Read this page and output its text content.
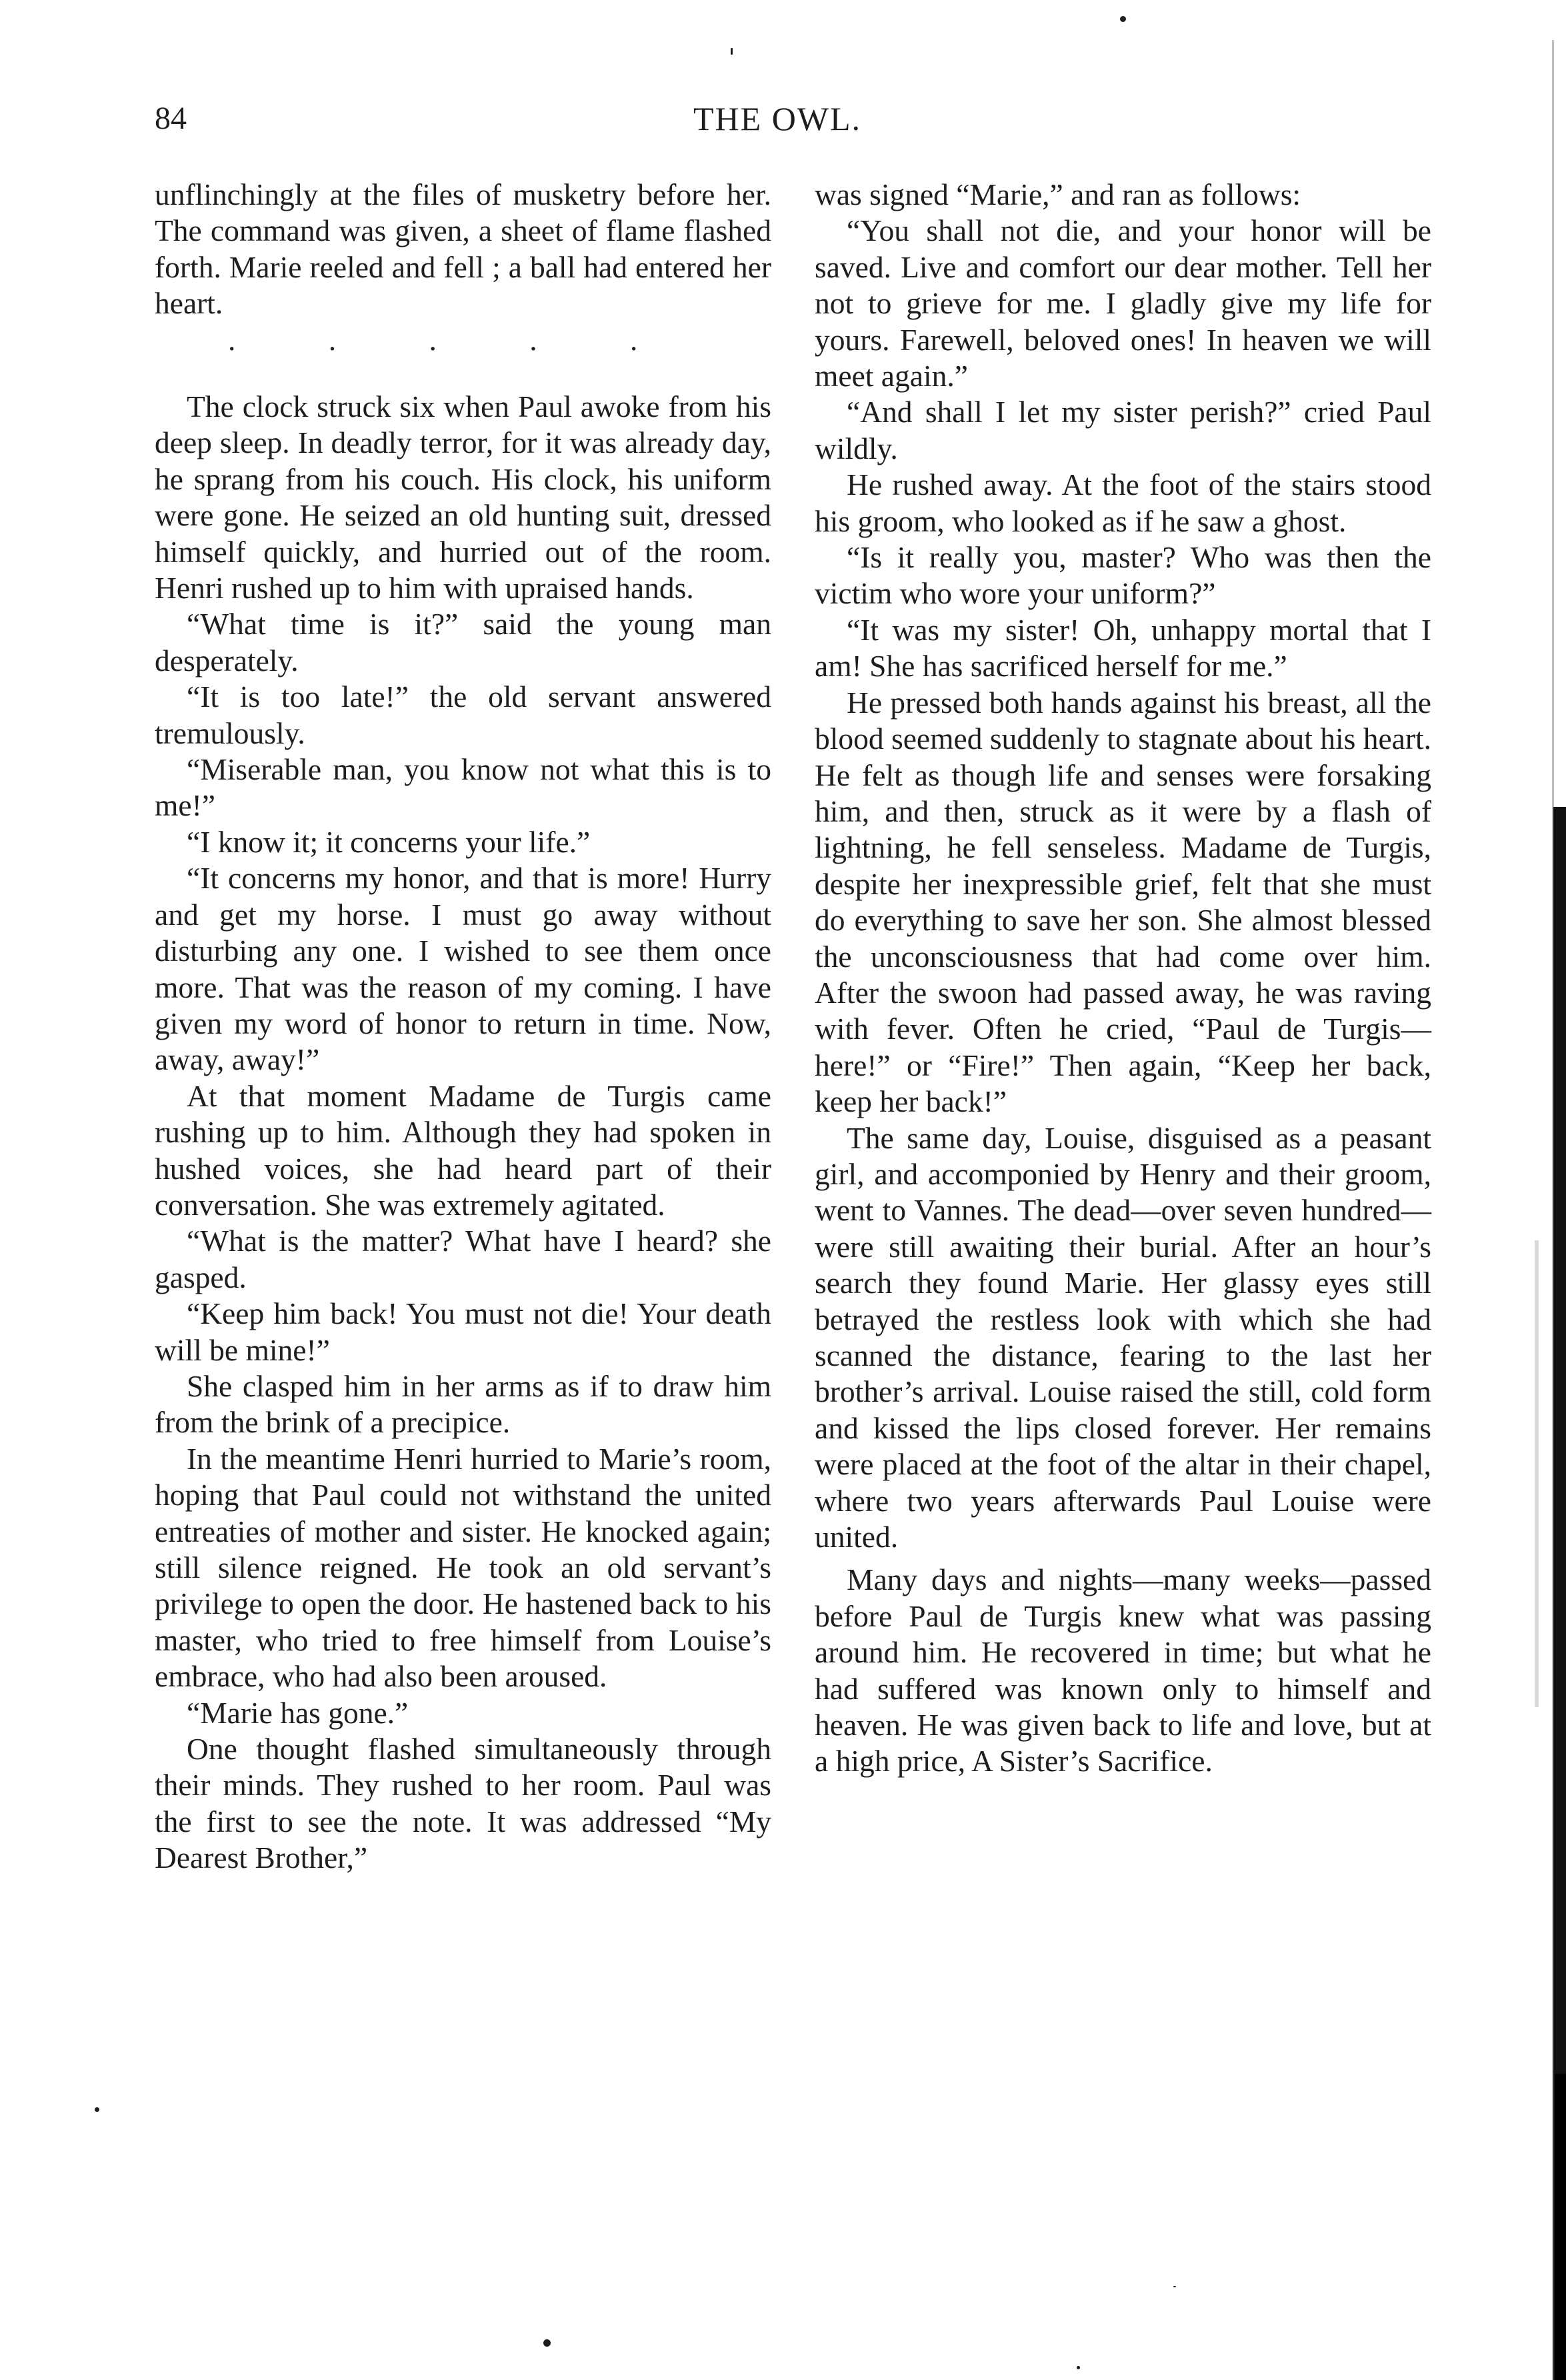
84	THE OWL.

unflinchingly at the files of musketry before her. The command was given, a sheet of flame flashed forth. Marie reeled and fell ; a ball had entered her heart.

. . . . .

The clock struck six when Paul awoke from his deep sleep. In deadly terror, for it was already day, he sprang from his couch. His clock, his uniform were gone. He seized an old hunting suit, dressed himself quickly, and hurried out of the room. Henri rushed up to him with upraised hands.

“What time is it?” said the young man desperately.

“It is too late!” the old servant answered tremulously.

“Miserable man, you know not what this is to me!”

“I know it; it concerns your life.”

“It concerns my honor, and that is more! Hurry and get my horse. I must go away without disturbing any one. I wished to see them once more. That was the reason of my coming. I have given my word of honor to return in time. Now, away, away!”

At that moment Madame de Turgis came rushing up to him. Although they had spoken in hushed voices, she had heard part of their conversation. She was extremely agitated.

“What is the matter? What have I heard? she gasped.

“Keep him back! You must not die! Your death will be mine!”

She clasped him in her arms as if to draw him from the brink of a precipice.

In the meantime Henri hurried to Marie’s room, hoping that Paul could not withstand the united entreaties of mother and sister. He knocked again; still silence reigned. He took an old servant’s privilege to open the door. He hastened back to his master, who tried to free himself from Louise’s embrace, who had also been aroused.

“Marie has gone.”

One thought flashed simultaneously through their minds. They rushed to her room. Paul was the first to see the note. It was addressed “My Dearest Brother,”

was signed “Marie,” and ran as follows:

“You shall not die, and your honor will be saved. Live and comfort our dear mother. Tell her not to grieve for me. I gladly give my life for yours. Farewell, beloved ones! In heaven we will meet again.”

“And shall I let my sister perish?” cried Paul wildly.

He rushed away. At the foot of the stairs stood his groom, who looked as if he saw a ghost.

“Is it really you, master? Who was then the victim who wore your uniform?”

“It was my sister! Oh, unhappy mortal that I am! She has sacrificed herself for me.”

He pressed both hands against his breast, all the blood seemed suddenly to stagnate about his heart. He felt as though life and senses were forsaking him, and then, struck as it were by a flash of lightning, he fell senseless. Madame de Turgis, despite her inexpressible grief, felt that she must do everything to save her son. She almost blessed the unconsciousness that had come over him. After the swoon had passed away, he was raving with fever. Often he cried, “Paul de Turgis—here!” or “Fire!” Then again, “Keep her back, keep her back!”

The same day, Louise, disguised as a peasant girl, and accomponied by Henry and their groom, went to Vannes. The dead—over seven hundred—were still awaiting their burial. After an hour’s search they found Marie. Her glassy eyes still betrayed the restless look with which she had scanned the distance, fearing to the last her brother’s arrival. Louise raised the still, cold form and kissed the lips closed forever. Her remains were placed at the foot of the altar in their chapel, where two years afterwards Paul Louise were united.

Many days and nights—many weeks—passed before Paul de Turgis knew what was passing around him. He recovered in time; but what he had suffered was known only to himself and heaven. He was given back to life and love, but at a high price, A Sister’s Sacrifice.
